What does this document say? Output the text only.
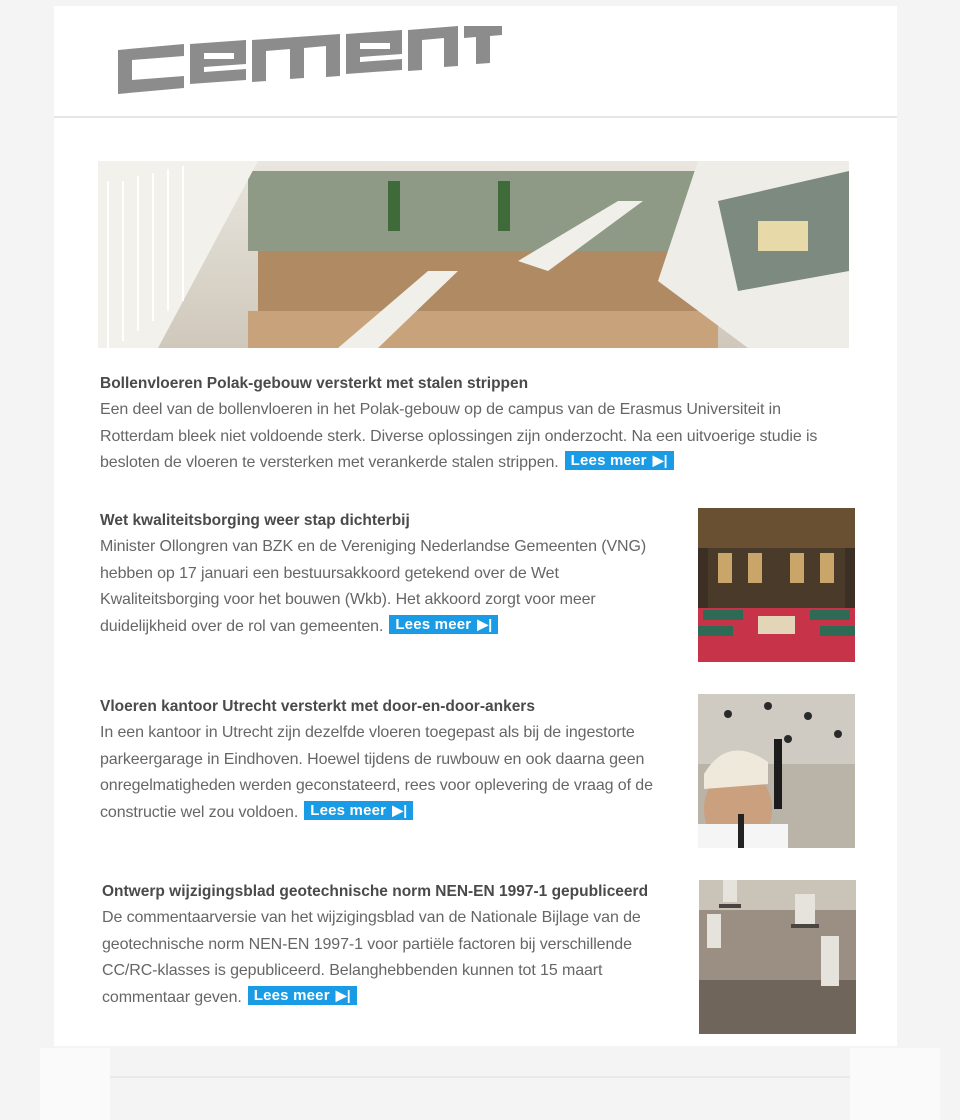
Bollenvloeren Polak-gebouw versterkt met stalen strippen

Een deel van de bollenvloeren in het Polak-gebouw op de campus van de Erasmus Universiteit in Rotterdam bleek niet voldoende sterk. Diverse oplossingen zijn onderzocht. Na een uitvoerige studie is besloten de vloeren te versterken met verankerde stalen strippen. Lees meer ▶|

Wet kwaliteitsborging weer stap dichterbij

Minister Ollongren van BZK en de Vereniging Nederlandse Gemeenten (VNG) hebben op 17 januari een bestuursakkoord getekend over de Wet Kwaliteitsborging voor het bouwen (Wkb). Het akkoord zorgt voor meer duidelijkheid over de rol van gemeenten. Lees meer ▶|

Vloeren kantoor Utrecht versterkt met door-en-door-ankers

In een kantoor in Utrecht zijn dezelfde vloeren toegepast als bij de ingestorte parkeergarage in Eindhoven. Hoewel tijdens de ruwbouw en ook daarna geen onregelmatigheden werden geconstateerd, rees voor oplevering de vraag of de constructie wel zou voldoen. Lees meer ▶|

Ontwerp wijzigingsblad geotechnische norm NEN-EN 1997-1 gepubliceerd

De commentaarversie van het wijzigingsblad van de Nationale Bijlage van de geotechnische norm NEN-EN 1997-1 voor partiële factoren bij verschillende CC/RC-klasses is gepubliceerd. Belanghebbenden kunnen tot 15 maart commentaar geven. Lees meer ▶|
